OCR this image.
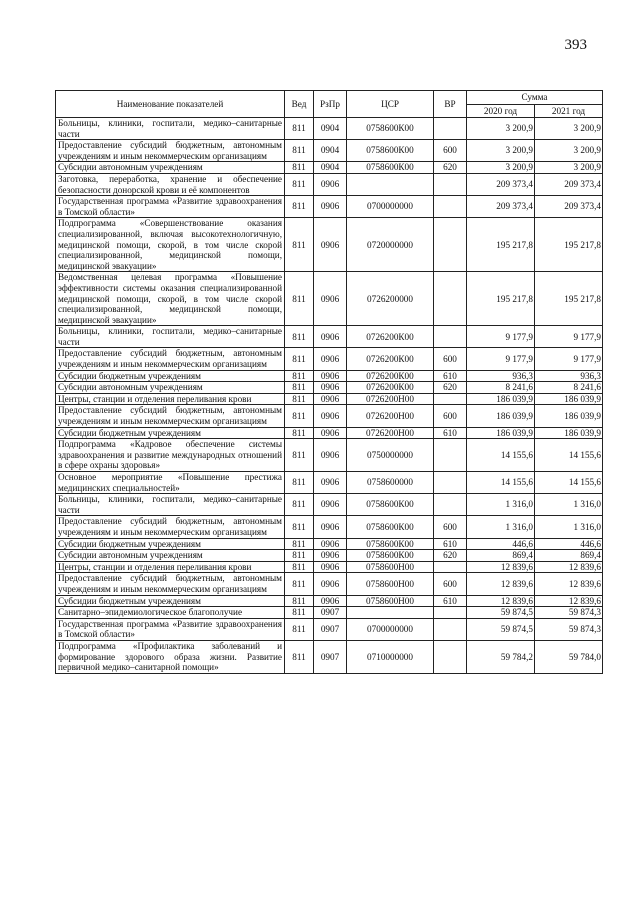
393
Наименование показателей	Вед	РзПр	ЦСР	ВР	Сумма	
					2020 год	2021 год
Больницы, клиники, госпитали, медико–санитарные части	811	0904	0758600К00		3 200,9	3 200,9
Предоставление субсидий бюджетным, автономным учреждениям и иным некоммерческим организациям	811	0904	0758600К00	600	3 200,9	3 200,9
Субсидии автономным учреждениям	811	0904	0758600К00	620	3 200,9	3 200,9
Заготовка, переработка, хранение и обеспечение безопасности донорской крови и её компонентов	811	0906			209 373,4	209 373,4
Государственная программа «Развитие здравоохранения в Томской области»	811	0906	0700000000		209 373,4	209 373,4
Подпрограмма «Совершенствование оказания специализированной, включая высокотехнологичную, медицинской помощи, скорой, в том числе скорой специализированной, медицинской помощи, медицинской эвакуации»	811	0906	0720000000		195 217,8	195 217,8
Ведомственная целевая программа «Повышение эффективности системы оказания специализированной медицинской помощи, скорой, в том числе скорой специализированной, медицинской помощи, медицинской эвакуации»	811	0906	0726200000		195 217,8	195 217,8
Больницы, клиники, госпитали, медико–санитарные части	811	0906	0726200К00		9 177,9	9 177,9
Предоставление субсидий бюджетным, автономным учреждениям и иным некоммерческим организациям	811	0906	0726200К00	600	9 177,9	9 177,9
Субсидии бюджетным учреждениям	811	0906	0726200К00	610	936,3	936,3
Субсидии автономным учреждениям	811	0906	0726200К00	620	8 241,6	8 241,6
Центры, станции и отделения переливания крови	811	0906	0726200Н00		186 039,9	186 039,9
Предоставление субсидий бюджетным, автономным учреждениям и иным некоммерческим организациям	811	0906	0726200Н00	600	186 039,9	186 039,9
Субсидии бюджетным учреждениям	811	0906	0726200Н00	610	186 039,9	186 039,9
Подпрограмма «Кадровое обеспечение системы здравоохранения и развитие международных отношений в сфере охраны здоровья»	811	0906	0750000000		14 155,6	14 155,6
Основное мероприятие «Повышение престижа медицинских специальностей»	811	0906	0758600000		14 155,6	14 155,6
Больницы, клиники, госпитали, медико–санитарные части	811	0906	0758600К00		1 316,0	1 316,0
Предоставление субсидий бюджетным, автономным учреждениям и иным некоммерческим организациям	811	0906	0758600К00	600	1 316,0	1 316,0
Субсидии бюджетным учреждениям	811	0906	0758600К00	610	446,6	446,6
Субсидии автономным учреждениям	811	0906	0758600К00	620	869,4	869,4
Центры, станции и отделения переливания крови	811	0906	0758600Н00		12 839,6	12 839,6
Предоставление субсидий бюджетным, автономным учреждениям и иным некоммерческим организациям	811	0906	0758600Н00	600	12 839,6	12 839,6
Субсидии бюджетным учреждениям	811	0906	0758600Н00	610	12 839,6	12 839,6
Санитарно–эпидемиологическое благополучие	811	0907			59 874,5	59 874,3
Государственная программа «Развитие здравоохранения в Томской области»	811	0907	0700000000		59 874,5	59 874,3
Подпрограмма «Профилактика заболеваний и формирование здорового образа жизни. Развитие первичной медико–санитарной помощи»	811	0907	0710000000		59 784,2	59 784,0
